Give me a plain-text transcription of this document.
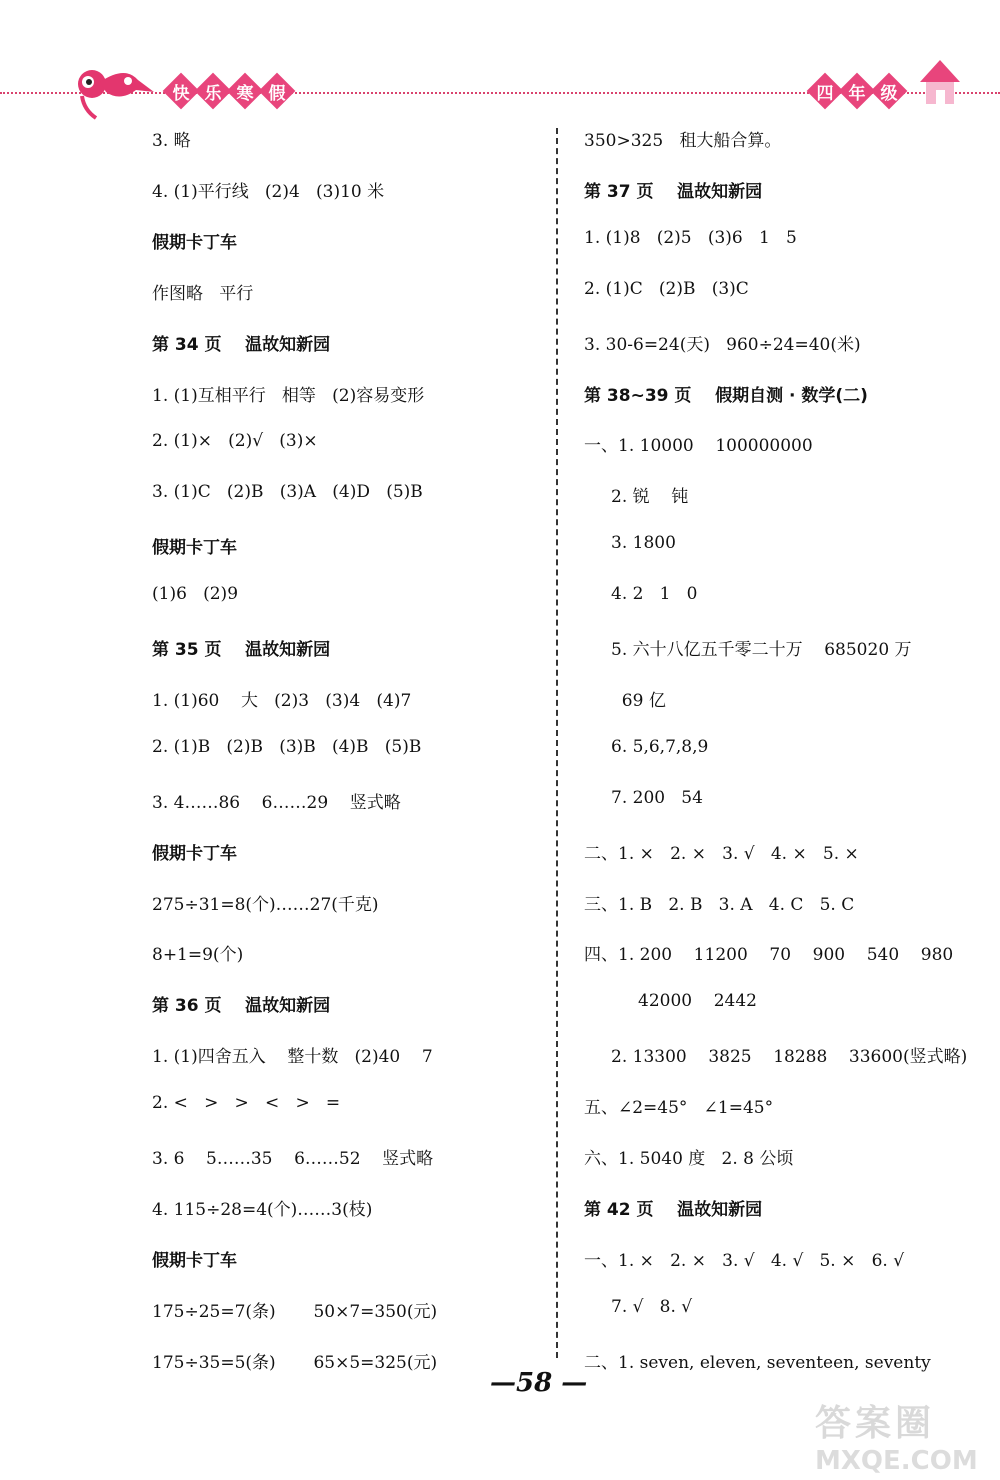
快 乐 寒 假	四 年 级
3. 略
4. (1)平行线   (2)4   (3)10 米
假期卡丁车
作图略   平行
第 34 页    温故知新园
1. (1)互相平行   相等   (2)容易变形
2. (1)×   (2)√   (3)×
3. (1)C   (2)B   (3)A   (4)D   (5)B
假期卡丁车
(1)6   (2)9
第 35 页    温故知新园
1. (1)60    大   (2)3   (3)4   (4)7
2. (1)B   (2)B   (3)B   (4)B   (5)B
3. 4……86    6……29    竖式略
假期卡丁车
275÷31=8(个)……27(千克)
8+1=9(个)
第 36 页    温故知新园
1. (1)四舍五入    整十数   (2)40    7
2. <   >   >   <   >   =
3. 6    5……35    6……52    竖式略
4. 115÷28=4(个)……3(枝)
假期卡丁车
175÷25=7(条)       50×7=350(元)
175÷35=5(条)       65×5=325(元)
350>325   租大船合算。
第 37 页    温故知新园
1. (1)8   (2)5   (3)6   1   5
2. (1)C   (2)B   (3)C
3. 30-6=24(天)   960÷24=40(米)
第 38~39 页    假期自测 · 数学(二)
一、1. 10000    100000000
2. 锐    钝
3. 1800
4. 2   1   0
5. 六十八亿五千零二十万    685020 万
69 亿
6. 5,6,7,8,9
7. 200   54
二、1. ×   2. ×   3. √   4. ×   5. ×
三、1. B   2. B   3. A   4. C   5. C
四、1. 200    11200    70    900    540    980
42000    2442
2. 13300    3825    18288    33600(竖式略)
五、∠2=45°   ∠1=45°
六、1. 5040 度   2. 8 公顷
第 42 页    温故知新园
一、1. ×   2. ×   3. √   4. √   5. ×   6. √
7. √   8. √
二、1. seven, eleven, seventeen, seventy
—58 —
答案圈
MXQE.COM
